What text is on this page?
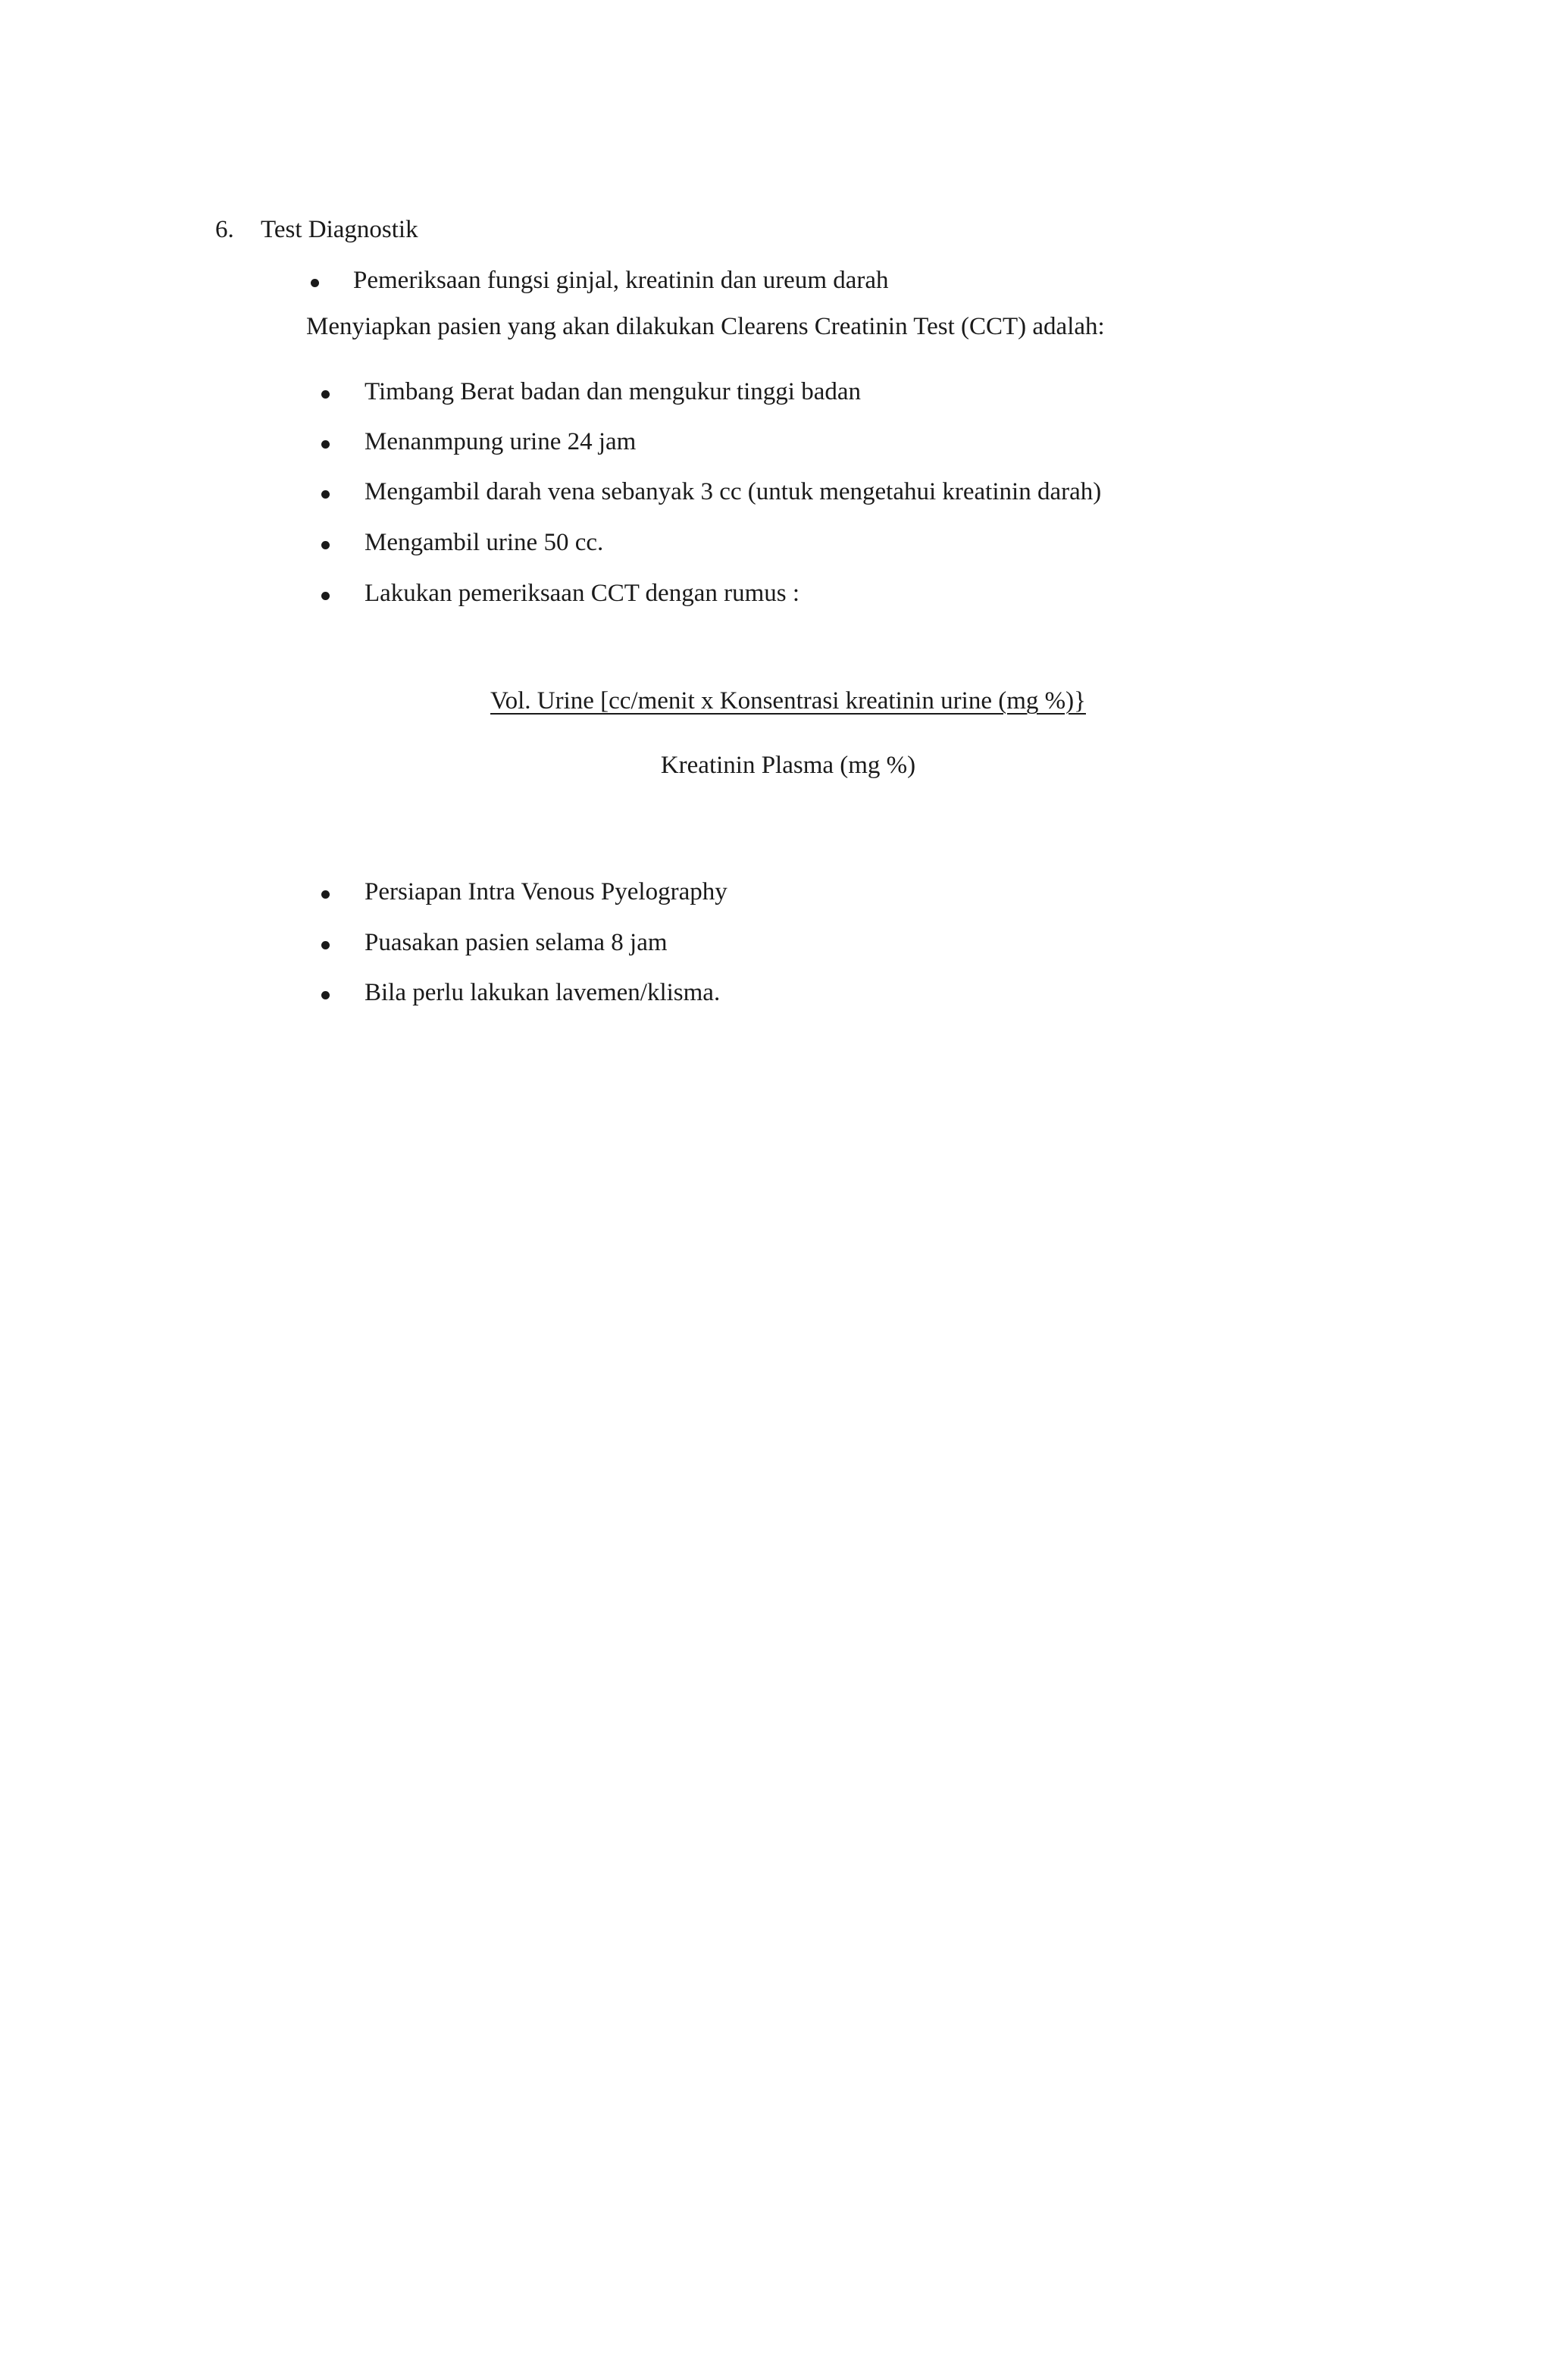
6. Test Diagnostik
Pemeriksaan fungsi ginjal, kreatinin dan ureum darah
Menyiapkan pasien yang akan dilakukan Clearens Creatinin Test (CCT) adalah:
Timbang Berat badan dan mengukur tinggi badan
Menanmpung urine 24 jam
Mengambil darah vena sebanyak 3 cc (untuk mengetahui kreatinin darah)
Mengambil urine 50 cc.
Lakukan pemeriksaan CCT dengan rumus :
Vol. Urine [cc/menit x Konsentrasi kreatinin urine (mg %)}
Kreatinin Plasma (mg %)
Persiapan Intra Venous Pyelography
Puasakan pasien selama 8 jam
Bila perlu lakukan lavemen/klisma.
